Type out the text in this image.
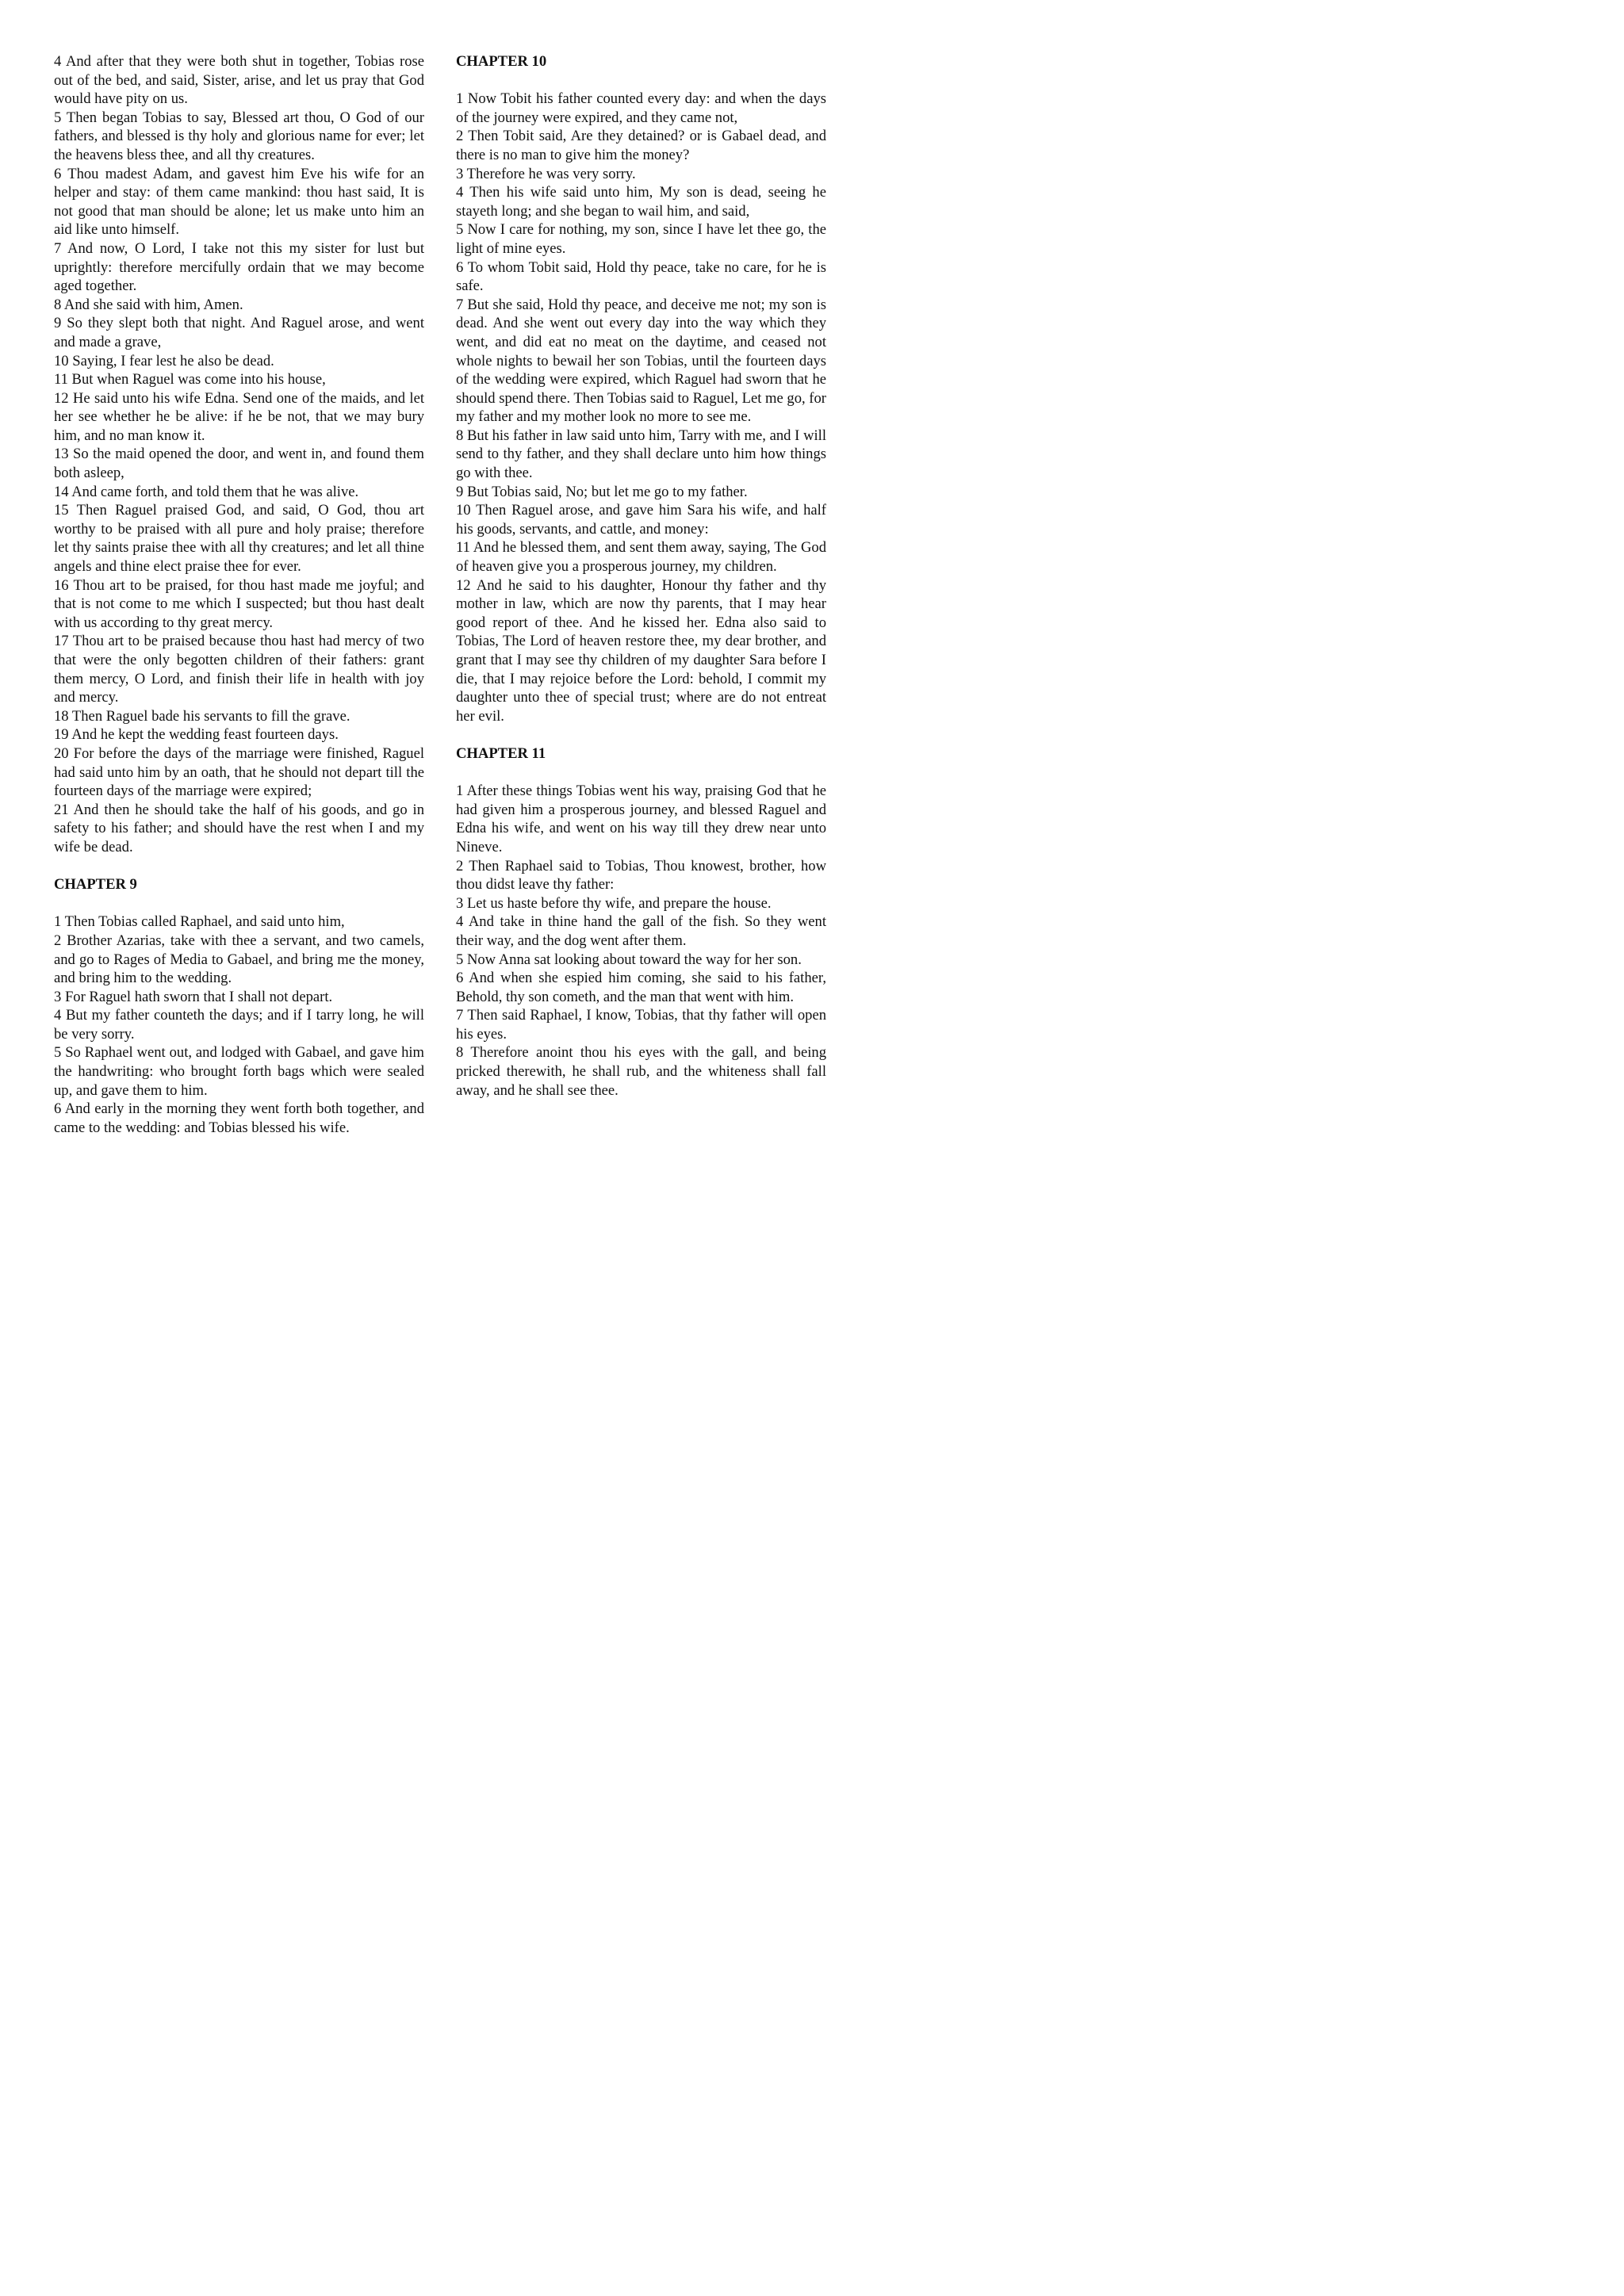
4 And after that they were both shut in together, Tobias rose out of the bed, and said, Sister, arise, and let us pray that God would have pity on us.

5 Then began Tobias to say, Blessed art thou, O God of our fathers, and blessed is thy holy and glorious name for ever; let the heavens bless thee, and all thy creatures.

6 Thou madest Adam, and gavest him Eve his wife for an helper and stay: of them came mankind: thou hast said, It is not good that man should be alone; let us make unto him an aid like unto himself.

7 And now, O Lord, I take not this my sister for lust but uprightly: therefore mercifully ordain that we may become aged together.

8 And she said with him, Amen.

9 So they slept both that night. And Raguel arose, and went and made a grave,

10 Saying, I fear lest he also be dead.

11 But when Raguel was come into his house,

12 He said unto his wife Edna. Send one of the maids, and let her see whether he be alive: if he be not, that we may bury him, and no man know it.

13 So the maid opened the door, and went in, and found them both asleep,

14 And came forth, and told them that he was alive.

15 Then Raguel praised God, and said, O God, thou art worthy to be praised with all pure and holy praise; therefore let thy saints praise thee with all thy creatures; and let all thine angels and thine elect praise thee for ever.

16 Thou art to be praised, for thou hast made me joyful; and that is not come to me which I suspected; but thou hast dealt with us according to thy great mercy.

17 Thou art to be praised because thou hast had mercy of two that were the only begotten children of their fathers: grant them mercy, O Lord, and finish their life in health with joy and mercy.

18 Then Raguel bade his servants to fill the grave.

19 And he kept the wedding feast fourteen days.

20 For before the days of the marriage were finished, Raguel had said unto him by an oath, that he should not depart till the fourteen days of the marriage were expired;

21 And then he should take the half of his goods, and go in safety to his father; and should have the rest when I and my wife be dead.

CHAPTER 9

1 Then Tobias called Raphael, and said unto him,

2 Brother Azarias, take with thee a servant, and two camels, and go to Rages of Media to Gabael, and bring me the money, and bring him to the wedding.

3 For Raguel hath sworn that I shall not depart.

4 But my father counteth the days; and if I tarry long, he will be very sorry.

5 So Raphael went out, and lodged with Gabael, and gave him the handwriting: who brought forth bags which were sealed up, and gave them to him.

6 And early in the morning they went forth both together, and came to the wedding: and Tobias blessed his wife.

CHAPTER 10

1 Now Tobit his father counted every day: and when the days of the journey were expired, and they came not,

2 Then Tobit said, Are they detained? or is Gabael dead, and there is no man to give him the money?

3 Therefore he was very sorry.

4 Then his wife said unto him, My son is dead, seeing he stayeth long; and she began to wail him, and said,

5 Now I care for nothing, my son, since I have let thee go, the light of mine eyes.

6 To whom Tobit said, Hold thy peace, take no care, for he is safe.

7 But she said, Hold thy peace, and deceive me not; my son is dead. And she went out every day into the way which they went, and did eat no meat on the daytime, and ceased not whole nights to bewail her son Tobias, until the fourteen days of the wedding were expired, which Raguel had sworn that he should spend there. Then Tobias said to Raguel, Let me go, for my father and my mother look no more to see me.

8 But his father in law said unto him, Tarry with me, and I will send to thy father, and they shall declare unto him how things go with thee.

9 But Tobias said, No; but let me go to my father.

10 Then Raguel arose, and gave him Sara his wife, and half his goods, servants, and cattle, and money:

11 And he blessed them, and sent them away, saying, The God of heaven give you a prosperous journey, my children.

12 And he said to his daughter, Honour thy father and thy mother in law, which are now thy parents, that I may hear good report of thee. And he kissed her. Edna also said to Tobias, The Lord of heaven restore thee, my dear brother, and grant that I may see thy children of my daughter Sara before I die, that I may rejoice before the Lord: behold, I commit my daughter unto thee of special trust; where are do not entreat her evil.

CHAPTER 11

1 After these things Tobias went his way, praising God that he had given him a prosperous journey, and blessed Raguel and Edna his wife, and went on his way till they drew near unto Nineve.

2 Then Raphael said to Tobias, Thou knowest, brother, how thou didst leave thy father:

3 Let us haste before thy wife, and prepare the house.

4 And take in thine hand the gall of the fish. So they went their way, and the dog went after them.

5 Now Anna sat looking about toward the way for her son.

6 And when she espied him coming, she said to his father, Behold, thy son cometh, and the man that went with him.

7 Then said Raphael, I know, Tobias, that thy father will open his eyes.

8 Therefore anoint thou his eyes with the gall, and being pricked therewith, he shall rub, and the whiteness shall fall away, and he shall see thee.
